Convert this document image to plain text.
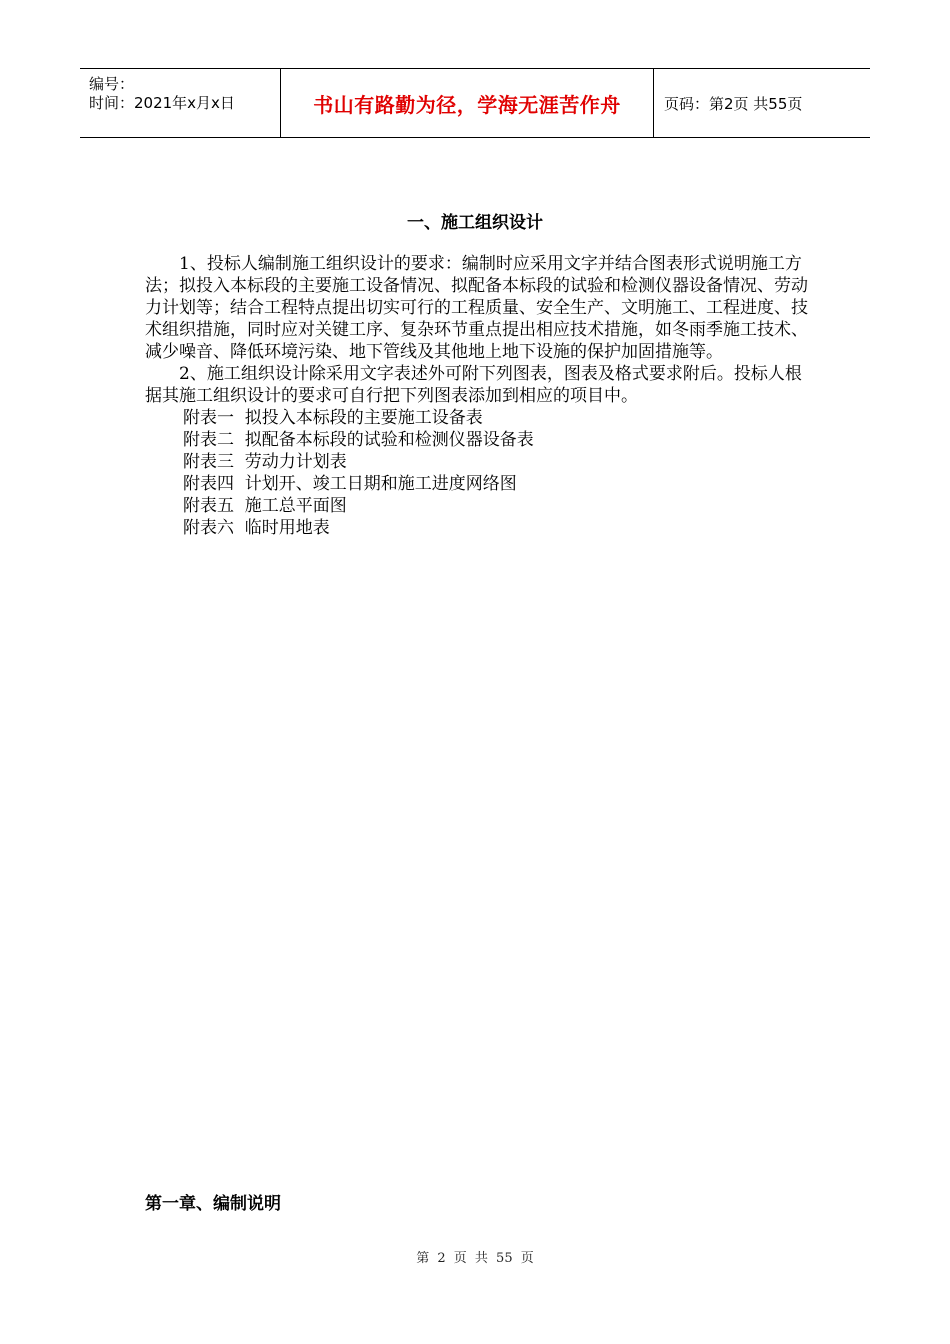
编号：
时间：2021年x月x日	书山有路勤为径，学海无涯苦作舟	页码：第2页 共55页
一、施工组织设计

1、投标人编制施工组织设计的要求：编制时应采用文字并结合图表形式说明施工方法；拟投入本标段的主要施工设备情况、拟配备本标段的试验和检测仪器设备情况、劳动力计划等；结合工程特点提出切实可行的工程质量、安全生产、文明施工、工程进度、技术组织措施，同时应对关键工序、复杂环节重点提出相应技术措施，如冬雨季施工技术、减少噪音、降低环境污染、地下管线及其他地上地下设施的保护加固措施等。

2、施工组织设计除采用文字表述外可附下列图表，图表及格式要求附后。投标人根据其施工组织设计的要求可自行把下列图表添加到相应的项目中。

附表一  拟投入本标段的主要施工设备表

附表二  拟配备本标段的试验和检测仪器设备表

附表三  劳动力计划表

附表四  计划开、竣工日期和施工进度网络图

附表五  施工总平面图

附表六  临时用地表

第一章、编制说明
第 2 页 共 55 页
